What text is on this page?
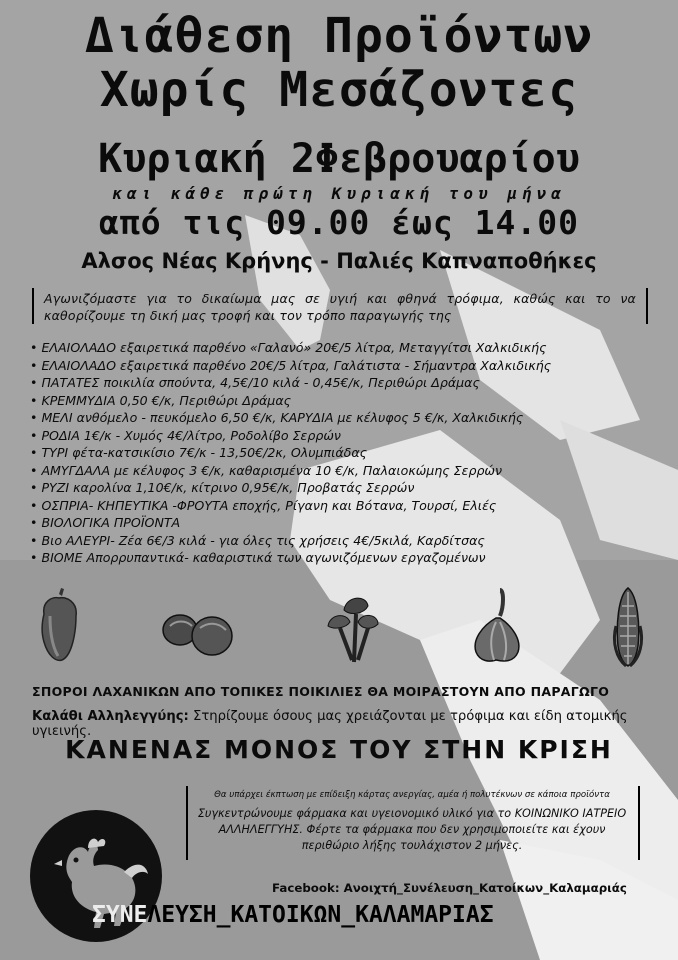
Διάθεση Προϊόντων
Χωρίς Μεσάζοντες
Κυριακή 2Φεβρουαρίου
και κάθε πρώτη Κυριακή του μήνα
από τις 09.00 έως 14.00
Αλσος Νέας Κρήνης - Παλιές Καπναποθήκες
Αγωνιζόμαστε για το δικαίωμα μας σε υγιή και φθηνά τρόφιμα, καθώς και το να καθορίζουμε τη δική μας τροφή και τον τρόπο παραγωγής της
• ΕΛΑΙΟΛΑΔΟ εξαιρετικά παρθένο «Γαλανό» 20€/5 λίτρα, Μεταγγίτσι Χαλκιδικής
• ΕΛΑΙΟΛΑΔΟ εξαιρετικά παρθένο 20€/5 λίτρα, Γαλάτιστα - Σήμαντρα Χαλκιδικής
• ΠΑΤΑΤΕΣ ποικιλία σπούντα, 4,5€/10 κιλά - 0,45€/κ, Περιθώρι Δράμας
• ΚΡΕΜΜΥΔΙΑ 0,50 €/κ, Περιθώρι Δράμας
• ΜΕΛΙ ανθόμελο - πευκόμελο 6,50 €/κ, ΚΑΡΥΔΙΑ με κέλυφος 5 €/κ, Χαλκιδικής
• ΡΟΔΙΑ 1€/κ - Χυμός 4€/λίτρο, Ροδολίβο Σερρών
• ΤΥΡΙ φέτα-κατσικίσιο 7€/κ - 13,50€/2κ, Ολυμπιάδας
• ΑΜΥΓΔΑΛΑ με κέλυφος 3 €/κ, καθαρισμένα 10 €/κ, Παλαιοκώμης Σερρών
• ΡΥΖΙ καρολίνα 1,10€/κ, κίτρινο 0,95€/κ, Προβατάς Σερρών
• ΟΣΠΡΙΑ- ΚΗΠΕΥΤΙΚΑ -ΦΡΟΥΤΑ εποχής, Ρίγανη και Βότανα, Τουρσί, Ελιές
• ΒΙΟΛΟΓΙΚΑ ΠΡΟΪΟΝΤΑ
• Βιο ΑΛΕΥΡΙ- Ζέα 6€/3 κιλά - για όλες τις χρήσεις 4€/5κιλά, Καρδίτσας
• ΒΙΟΜΕ Απορρυπαντικά- καθαριστικά των αγωνιζόμενων εργαζομένων
ΣΠΟΡΟΙ ΛΑΧΑΝΙΚΩΝ ΑΠΟ ΤΟΠΙΚΕΣ ΠΟΙΚΙΛΙΕΣ ΘΑ ΜΟΙΡΑΣΤΟΥΝ ΑΠΟ ΠΑΡΑΓΩΓΟ
Καλάθι Αλληλεγγύης: Στηρίζουμε όσους μας χρειάζονται με τρόφιμα και είδη ατομικής υγιεινής.
ΚΑΝΕΝΑΣ ΜΟΝΟΣ ΤΟΥ ΣΤΗΝ ΚΡΙΣΗ
Θα υπάρχει έκπτωση με επίδειξη κάρτας ανεργίας, αμέα ή πολυτέκνων σε κάποια προϊόντα
Συγκεντρώνουμε φάρμακα και υγειονομικό υλικό για το ΚΟΙΝΩΝΙΚΟ ΙΑΤΡΕΙΟ ΑΛΛΗΛΕΓΓΥΗΣ. Φέρτε τα φάρμακα που δεν χρησιμοποιείτε και έχουν περιθώριο λήξης τουλάχιστον 2 μήνες.
Facebook: Ανοιχτή_Συνέλευση_Κατοίκων_Καλαμαριάς
ΣΥΝΕΛΕΥΣΗ_ΚΑΤΟΙΚΩΝ_ΚΑΛΑΜΑΡΙΑΣ
